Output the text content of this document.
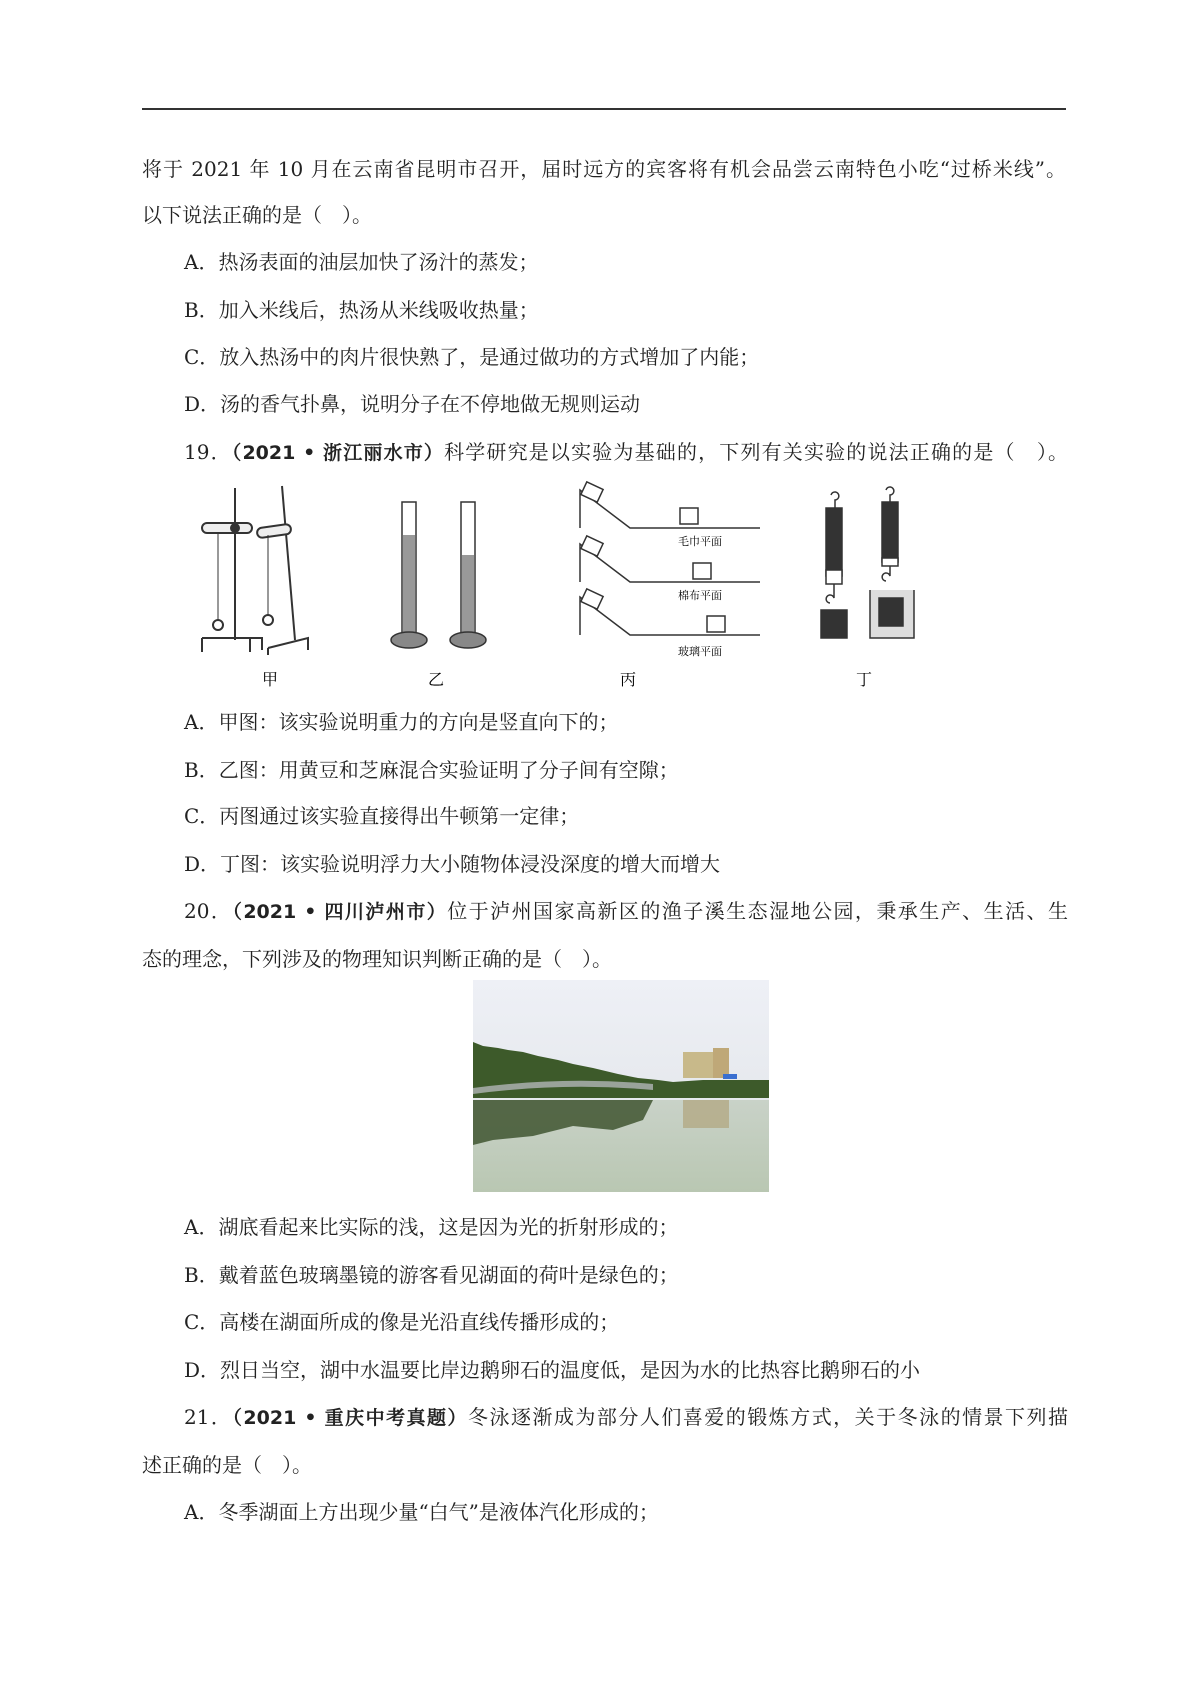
将于 2021 年 10 月在云南省昆明市召开，届时远方的宾客将有机会品尝云南特色小吃“过桥米线”。
以下说法正确的是（　）。
A．热汤表面的油层加快了汤汁的蒸发；
B．加入米线后，热汤从米线吸收热量；
C．放入热汤中的肉片很快熟了，是通过做功的方式增加了内能；
D．汤的香气扑鼻，说明分子在不停地做无规则运动
19．（2021 • 浙江丽水市）科学研究是以实验为基础的，下列有关实验的说法正确的是（　）。
毛巾平面
棉布平面
玻璃平面
甲	乙	丙	丁
A．甲图：该实验说明重力的方向是竖直向下的；
B．乙图：用黄豆和芝麻混合实验证明了分子间有空隙；
C．丙图通过该实验直接得出牛顿第一定律；
D．丁图：该实验说明浮力大小随物体浸没深度的增大而增大
20．（2021 • 四川泸州市）位于泸州国家高新区的渔子溪生态湿地公园，秉承生产、生活、生
态的理念，下列涉及的物理知识判断正确的是（　）。
A．湖底看起来比实际的浅，这是因为光的折射形成的；
B．戴着蓝色玻璃墨镜的游客看见湖面的荷叶是绿色的；
C．高楼在湖面所成的像是光沿直线传播形成的；
D．烈日当空，湖中水温要比岸边鹅卵石的温度低，是因为水的比热容比鹅卵石的小
21．（2021 • 重庆中考真题）冬泳逐渐成为部分人们喜爱的锻炼方式，关于冬泳的情景下列描
述正确的是（　）。
A．冬季湖面上方出现少量“白气”是液体汽化形成的；
